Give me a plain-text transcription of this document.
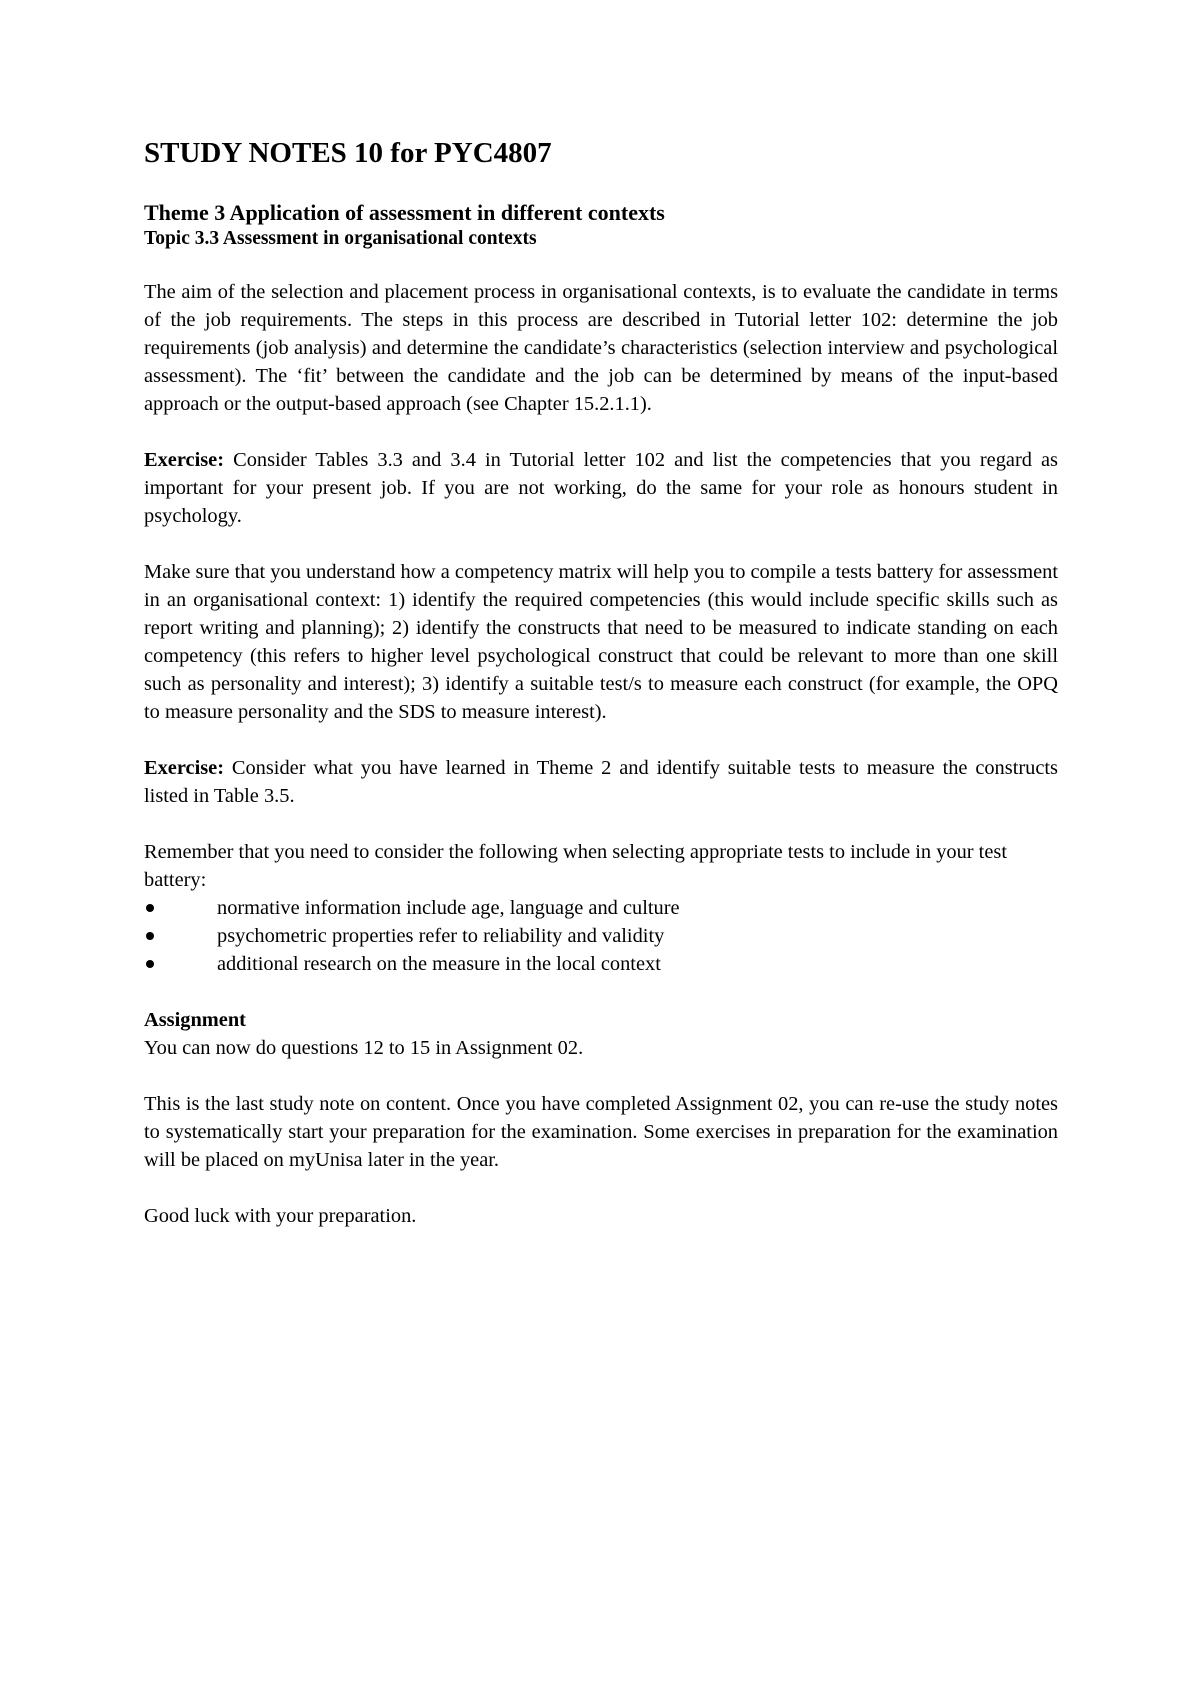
STUDY NOTES 10 for PYC4807
Theme 3 Application of assessment in different contexts
Topic 3.3 Assessment in organisational contexts

The aim of the selection and placement process in organisational contexts, is to evaluate the candidate in terms of the job requirements. The steps in this process are described in Tutorial letter 102: determine the job requirements (job analysis) and determine the candidate’s characteristics (selection interview and psychological assessment). The ‘fit’ between the candidate and the job can be determined by means of the input-based approach or the output-based approach (see Chapter 15.2.1.1).

Exercise: Consider Tables 3.3 and 3.4 in Tutorial letter 102 and list the competencies that you regard as important for your present job. If you are not working, do the same for your role as honours student in psychology.

Make sure that you understand how a competency matrix will help you to compile a tests battery for assessment in an organisational context: 1) identify the required competencies (this would include specific skills such as report writing and planning); 2) identify the constructs that need to be measured to indicate standing on each competency (this refers to higher level psychological construct that could be relevant to more than one skill such as personality and interest); 3) identify a suitable test/s to measure each construct (for example, the OPQ to measure personality and the SDS to measure interest).

Exercise: Consider what you have learned in Theme 2 and identify suitable tests to measure the constructs listed in Table 3.5.

Remember that you need to consider the following when selecting appropriate tests to include in your test battery:

normative information include age, language and culture
psychometric properties refer to reliability and validity
additional research on the measure in the local context
Assignment

You can now do questions 12 to 15 in Assignment 02.

This is the last study note on content. Once you have completed Assignment 02, you can re-use the study notes to systematically start your preparation for the examination. Some exercises in preparation for the examination will be placed on myUnisa later in the year.

Good luck with your preparation.
